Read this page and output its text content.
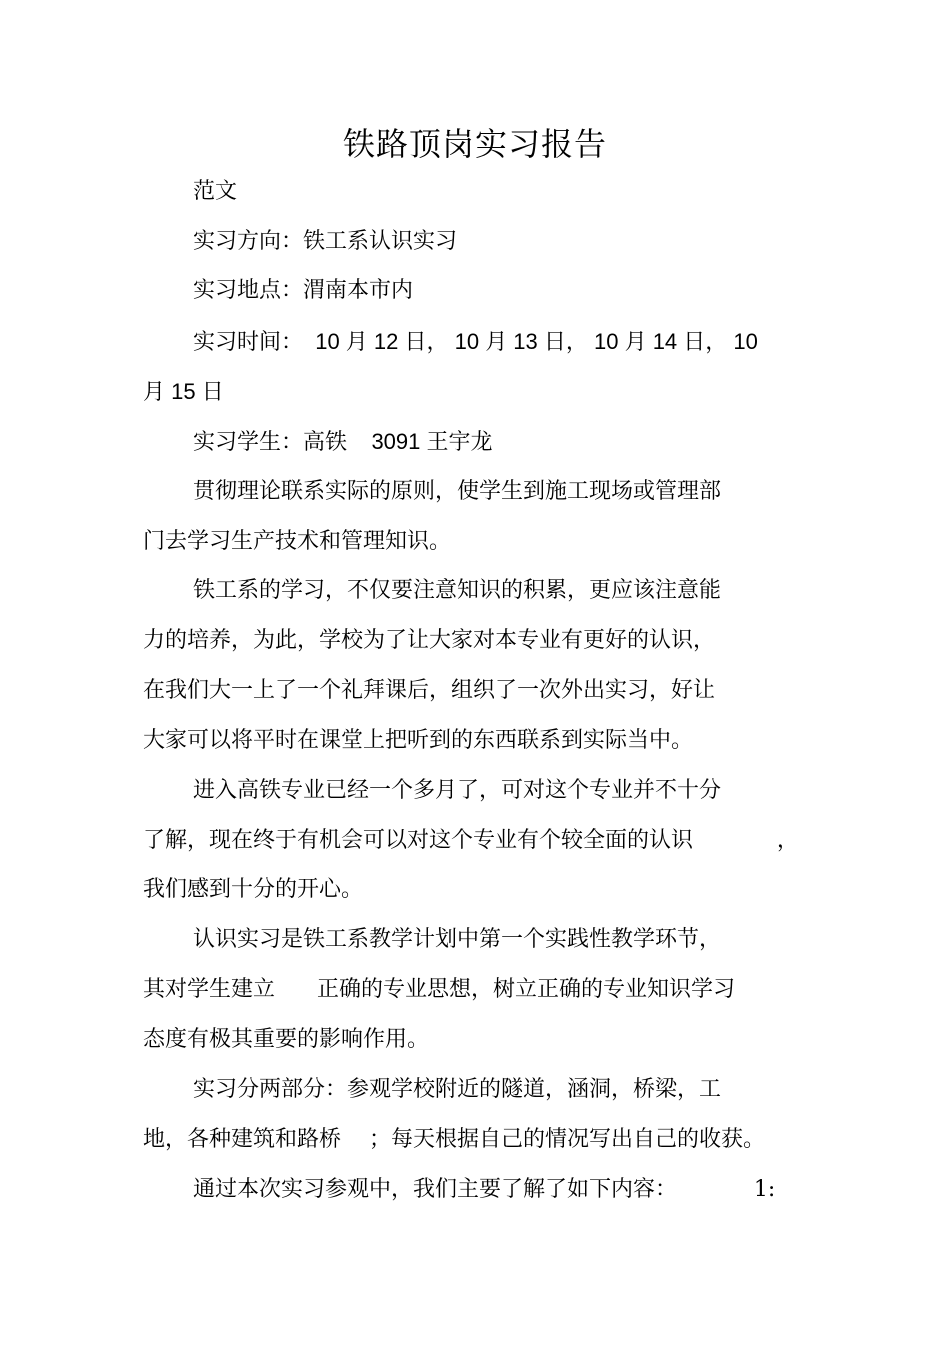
铁路顶岗实习报告
范文
实习方向：铁工系认识实习
实习地点：渭南本市内
实习时间：  10 月 12 日， 10 月 13 日， 10 月 14 日， 10
月 15 日
实习学生：高铁    3091 王宇龙
贯彻理论联系实际的原则，使学生到施工现场或管理部
门去学习生产技术和管理知识。
铁工系的学习，不仅要注意知识的积累，更应该注意能
力的培养，为此，学校为了让大家对本专业有更好的认识，
在我们大一上了一个礼拜课后，组织了一次外出实习，好让
大家可以将平时在课堂上把听到的东西联系到实际当中。
进入高铁专业已经一个多月了，可对这个专业并不十分
了解，现在终于有机会可以对这个专业有个较全面的认识            ，
我们感到十分的开心。
认识实习是铁工系教学计划中第一个实践性教学环节，
其对学生建立      正确的专业思想，树立正确的专业知识学习
态度有极其重要的影响作用。
实习分两部分：参观学校附近的隧道，涵洞，桥梁，工
地，各种建筑和路桥    ；每天根据自己的情况写出自己的收获。
通过本次实习参观中，我们主要了解了如下内容：           1:
